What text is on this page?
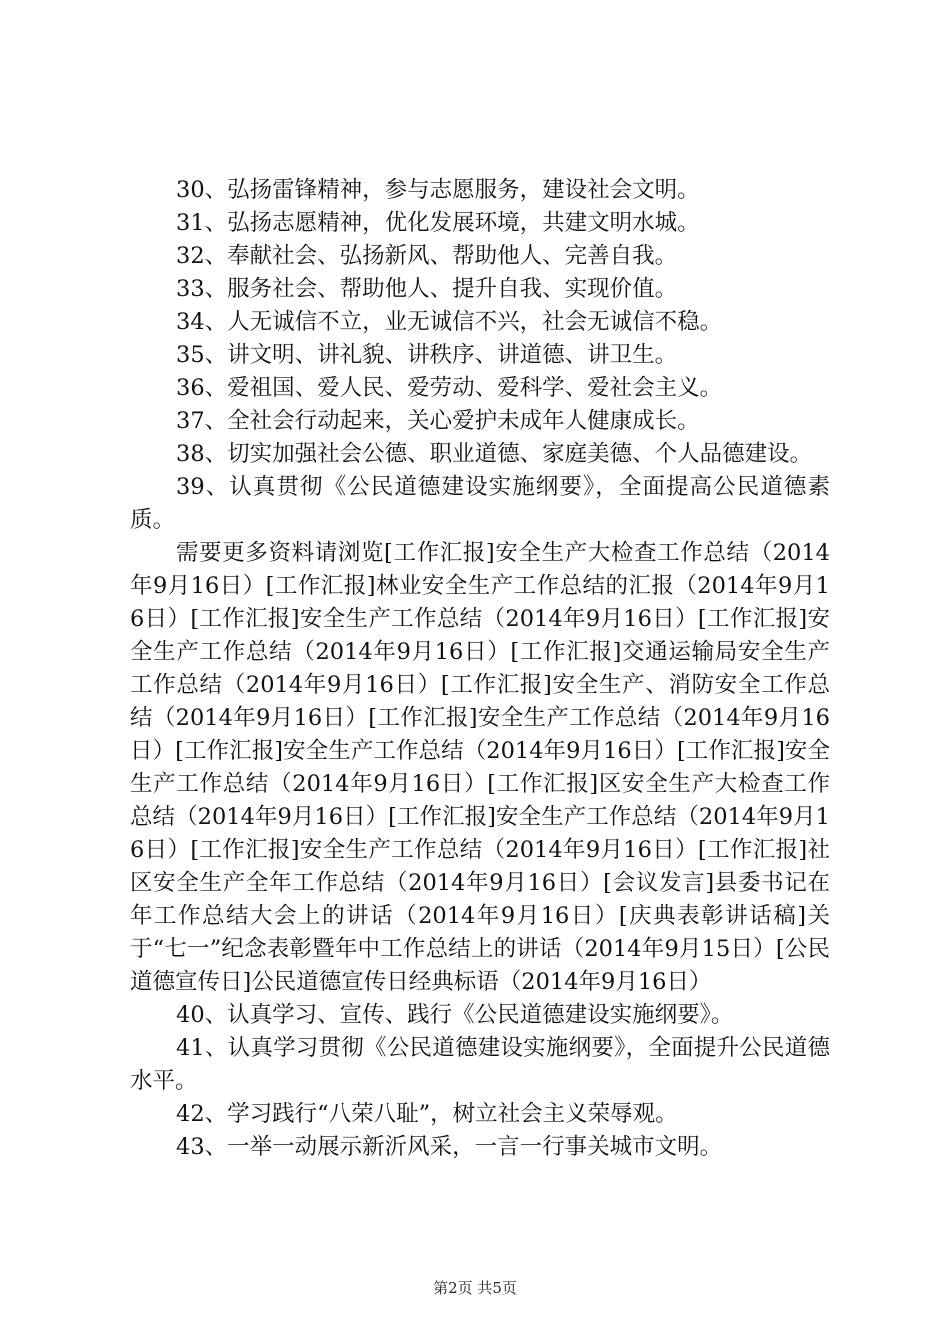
30、弘扬雷锋精神，参与志愿服务，建设社会文明。

31、弘扬志愿精神，优化发展环境，共建文明水城。

32、奉献社会、弘扬新风、帮助他人、完善自我。

33、服务社会、帮助他人、提升自我、实现价值。

34、人无诚信不立，业无诚信不兴，社会无诚信不稳。

35、讲文明、讲礼貌、讲秩序、讲道德、讲卫生。

36、爱祖国、爱人民、爱劳动、爱科学、爱社会主义。

37、全社会行动起来，关心爱护未成年人健康成长。

38、切实加强社会公德、职业道德、家庭美德、个人品德建设。

39、认真贯彻《公民道德建设实施纲要》，全面提高公民道德素质。

需要更多资料请浏览[工作汇报]安全生产大检查工作总结（2014年9月16日）[工作汇报]林业安全生产工作总结的汇报（2014年9月16日）[工作汇报]安全生产工作总结（2014年9月16日）[工作汇报]安全生产工作总结（2014年9月16日）[工作汇报]交通运输局安全生产工作总结（2014年9月16日）[工作汇报]安全生产、消防安全工作总结（2014年9月16日）[工作汇报]安全生产工作总结（2014年9月16日）[工作汇报]安全生产工作总结（2014年9月16日）[工作汇报]安全生产工作总结（2014年9月16日）[工作汇报]区安全生产大检查工作总结（2014年9月16日）[工作汇报]安全生产工作总结（2014年9月16日）[工作汇报]安全生产工作总结（2014年9月16日）[工作汇报]社区安全生产全年工作总结（2014年9月16日）[会议发言]县委书记在年工作总结大会上的讲话（2014年9月16日）[庆典表彰讲话稿]关于“七一”纪念表彰暨年中工作总结上的讲话（2014年9月15日）[公民道德宣传日]公民道德宣传日经典标语（2014年9月16日）

40、认真学习、宣传、践行《公民道德建设实施纲要》。

41、认真学习贯彻《公民道德建设实施纲要》，全面提升公民道德水平。

42、学习践行“八荣八耻”，树立社会主义荣辱观。

43、一举一动展示新沂风采，一言一行事关城市文明。

第2页 共5页
